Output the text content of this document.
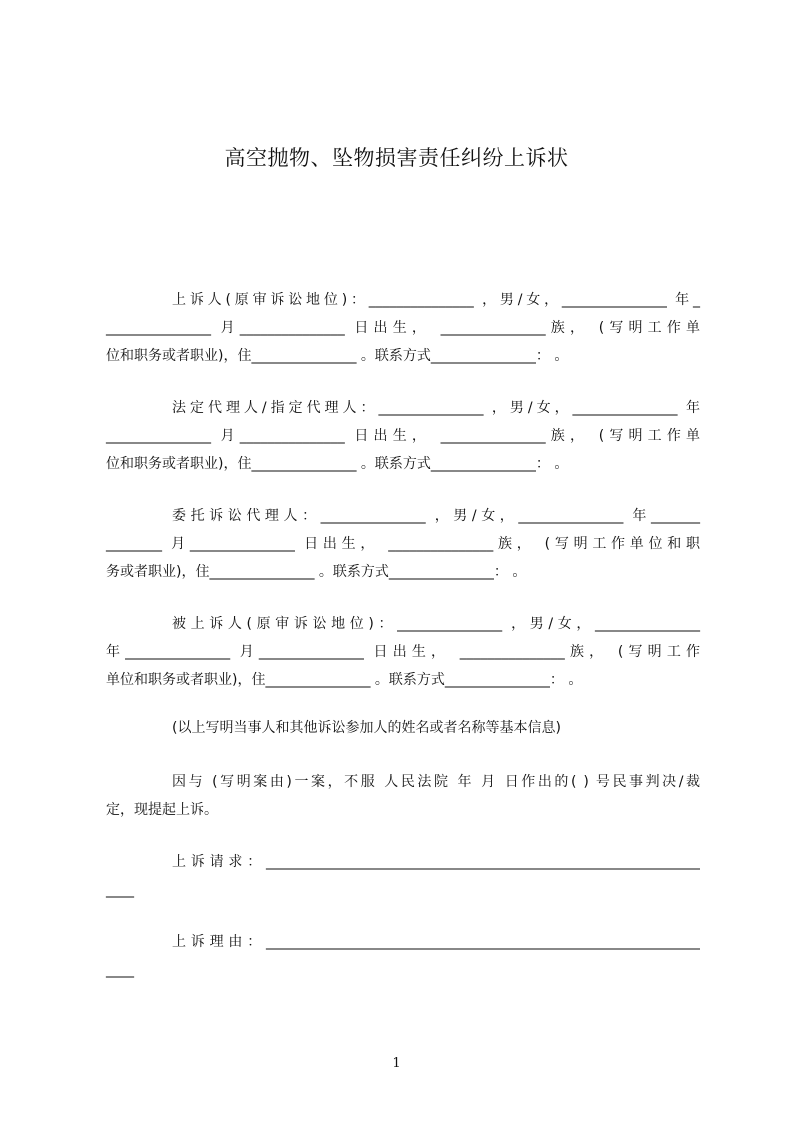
高空抛物、坠物损害责任纠纷上诉状
上诉人(原审诉讼地位)：_______________ ，男/女，_______________ 年_
_______________ 月_______________ 日出生， _______________族， (写明工作单
位和职务或者职业)，住_______________ 。联系方式_______________： 。
法定代理人/指定代理人：_______________ ，男/女，_______________ 年
_______________ 月_______________ 日出生， _______________族， (写明工作单
位和职务或者职业)，住_______________ 。联系方式_______________： 。
委托诉讼代理人：_______________ ，男/女，_______________ 年_______
________ 月_______________ 日出生， _______________族， (写明工作单位和职
务或者职业)，住_______________ 。联系方式_______________： 。
被上诉人(原审诉讼地位)：_______________ ，男/女，_______________
年_______________ 月_______________ 日出生， _______________族， (写明工作
单位和职务或者职业)，住_______________ 。联系方式_______________： 。
(以上写明当事人和其他诉讼参加人的姓名或者名称等基本信息)
因与 (写明案由)一案，不服 人民法院 年 月 日作出的( ) 号民事判决/裁
定，现提起上诉。
上诉请求：______________________________________________________________
____
上诉理由：______________________________________________________________
____
1
